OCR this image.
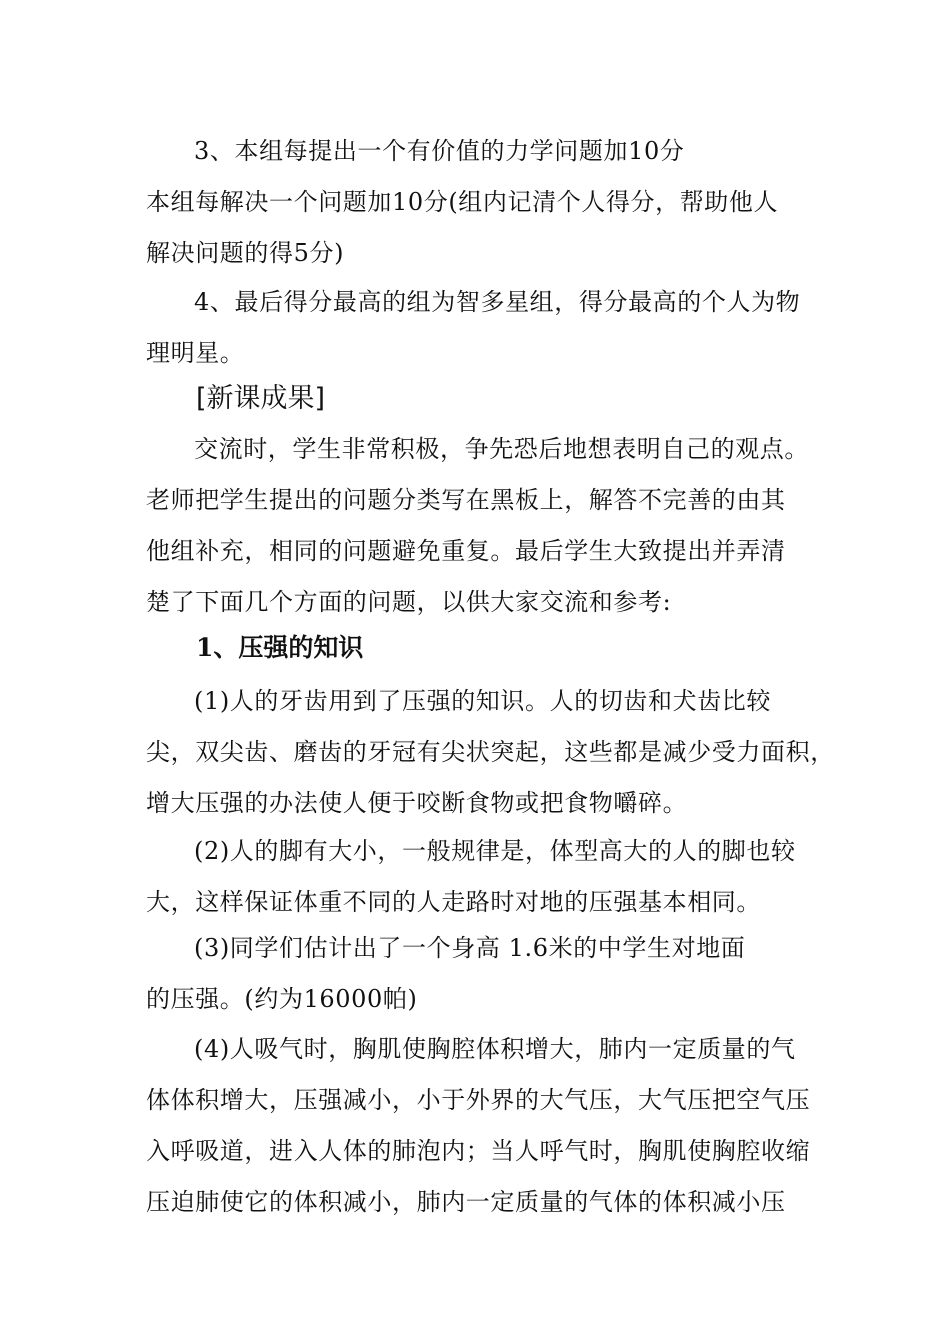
3、本组每提出一个有价值的力学问题加10分
本组每解决一个问题加10分(组内记清个人得分，帮助他人
解决问题的得5分)
4、最后得分最高的组为智多星组，得分最高的个人为物
理明星。
[新课成果]
交流时，学生非常积极，争先恐后地想表明自己的观点。
老师把学生提出的问题分类写在黑板上，解答不完善的由其
他组补充，相同的问题避免重复。最后学生大致提出并弄清
楚了下面几个方面的问题，以供大家交流和参考:
1、压强的知识
(1)人的牙齿用到了压强的知识。人的切齿和犬齿比较
尖，双尖齿、磨齿的牙冠有尖状突起，这些都是减少受力面积，
增大压强的办法使人便于咬断食物或把食物嚼碎。
(2)人的脚有大小，一般规律是，体型高大的人的脚也较
大，这样保证体重不同的人走路时对地的压强基本相同。
(3)同学们估计出了一个身高 1.6米的中学生对地面
的压强。(约为16000帕)
(4)人吸气时，胸肌使胸腔体积增大，肺内一定质量的气
体体积增大，压强减小，小于外界的大气压，大气压把空气压
入呼吸道，进入人体的肺泡内；当人呼气时，胸肌使胸腔收缩
压迫肺使它的体积减小，肺内一定质量的气体的体积减小压
